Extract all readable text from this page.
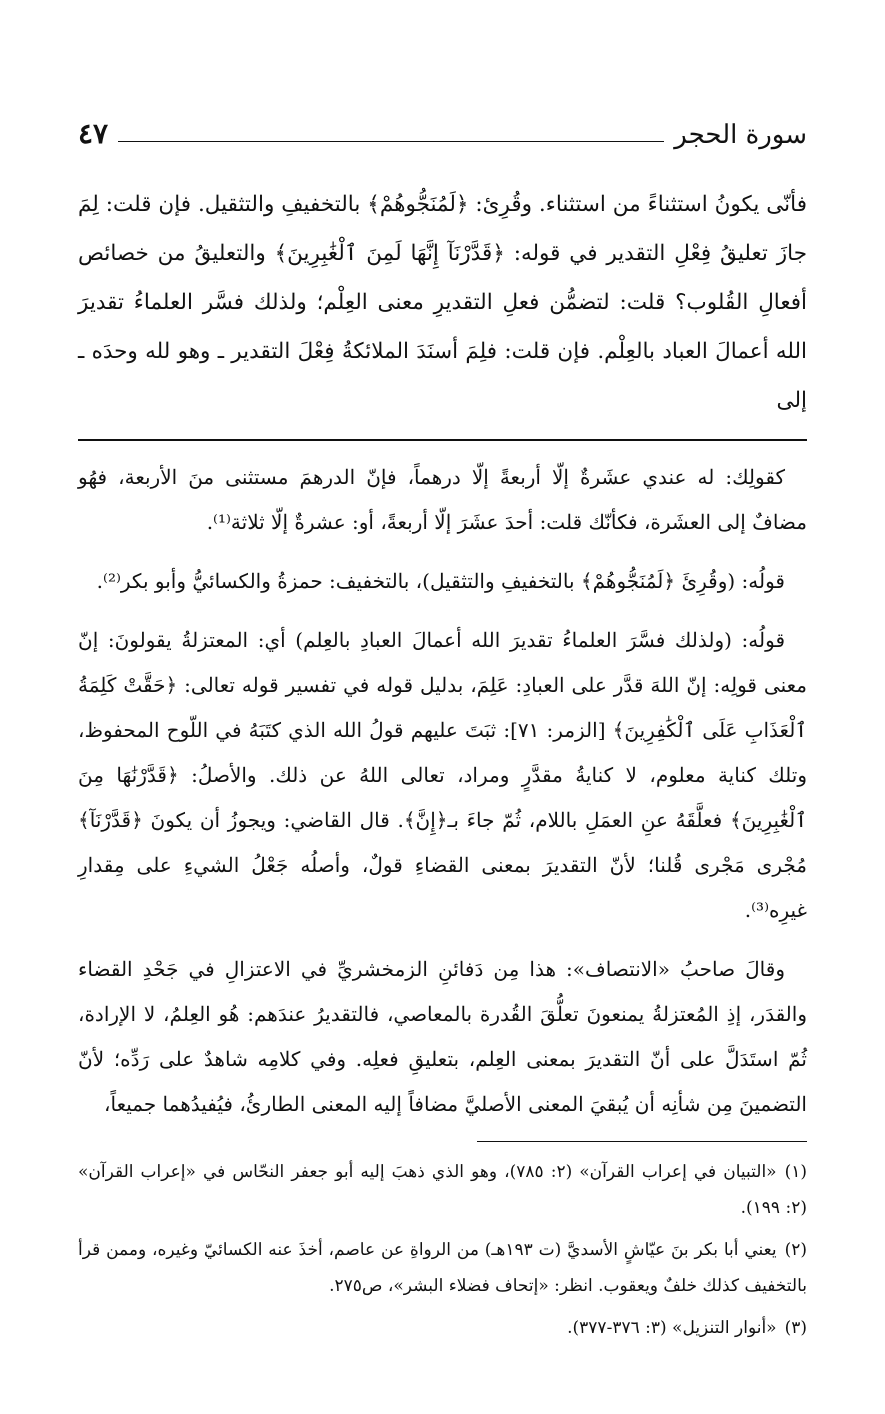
سورة الحجر
٤٧

فأنّى يكونُ استثناءً من استثناء. وقُرِئ: ﴿لَمُنَجُّوهُمْ﴾ بالتخفيفِ والتثقيل. فإن قلت: لِمَ جازَ تعليقُ فِعْلِ التقدير في قوله: ﴿قَدَّرْنَآ إِنَّهَا لَمِنَ ٱلْغَٰبِرِينَ﴾ والتعليقُ من خصائص أفعالِ القُلوب؟ قلت: لتضمُّن فعلِ التقديرِ معنى العِلْم؛ ولذلك فسَّر العلماءُ تقديرَ الله أعمالَ العباد بالعِلْم. فإن قلت: فلِمَ أسنَدَ الملائكةُ فِعْلَ التقدير ـ وهو لله وحدَه ـ إلى

كقولِك: له عندي عشَرةٌ إلّا أربعةً إلّا درهماً، فإنّ الدرهمَ مستثنى منَ الأربعة، فهُو مضافٌ إلى العشَرة، فكأنّك قلت: أحدَ عشَرَ إلّا أربعةً، أو: عشرةٌ إلّا ثلاثة⁽¹⁾.

قولُه: (وقُرِئَ ﴿لَمُنَجُّوهُمْ﴾ بالتخفيفِ والتثقيل)، بالتخفيف: حمزةُ والكسائيُّ وأبو بكر⁽²⁾.

قولُه: (ولذلك فسَّرَ العلماءُ تقديرَ الله أعمالَ العبادِ بالعِلم) أي: المعتزلةُ يقولونَ: إنّ معنى قولِه: إنّ اللهَ قدَّر على العبادِ: عَلِمَ، بدليل قوله في تفسير قوله تعالى: ﴿حَقَّتْ كَلِمَةُ ٱلْعَذَابِ عَلَى ٱلْكَٰفِرِينَ﴾ [الزمر: ٧١]: ثبَتَ عليهم قولُ الله الذي كتَبَهُ في اللّوح المحفوظ، وتلك كناية معلوم، لا كنايةُ مقدَّرٍ ومراد، تعالى اللهُ عن ذلك. والأصلُ: ﴿قَدَّرْنَٰهَا مِنَ ٱلْغَٰبِرِينَ﴾ فعلَّقَهُ عنِ العمَلِ باللام، ثُمّ جاءَ بـ﴿إِنَّ﴾. قال القاضي: ويجوزُ أن يكونَ ﴿قَدَّرْنَآ﴾ مُجْرى مَجْرى قُلنا؛ لأنّ التقديرَ بمعنى القضاءِ قولٌ، وأصلُه جَعْلُ الشيءِ على مِقدارِ غيرِه⁽³⁾.

وقالَ صاحبُ «الانتصاف»: هذا مِن دَفائنِ الزمخشريِّ في الاعتزالِ في جَحْدِ القضاء والقدَر، إذِ المُعتزلةُ يمنعونَ تعلُّقَ القُدرة بالمعاصي، فالتقديرُ عندَهم: هُو العِلمُ، لا الإرادة، ثُمّ استَدَلَّ على أنّ التقديرَ بمعنى العِلم، بتعليقِ فعلِه. وفي كلامِه شاهدٌ على رَدِّه؛ لأنّ التضمينَ مِن شأنِه أن يُبقيَ المعنى الأصليَّ مضافاً إليه المعنى الطارئُ، فيُفيدُهما جميعاً،

(١)«التبيان في إعراب القرآن» (٢: ٧٨٥)، وهو الذي ذهبَ إليه أبو جعفر النحّاس في «إعراب القرآن» (٢: ١٩٩).

(٢)يعني أبا بكر بنَ عيّاشٍ الأسديَّ (ت ١٩٣هـ) من الرواةِ عن عاصم، أخذَ عنه الكسائيّ وغيره، وممن قرأ بالتخفيف كذلك خلفٌ ويعقوب. انظر: «إتحاف فضلاء البشر»، ص٢٧٥.

(٣)«أنوار التنزيل» (٣: ٣٧٦-٣٧٧).
